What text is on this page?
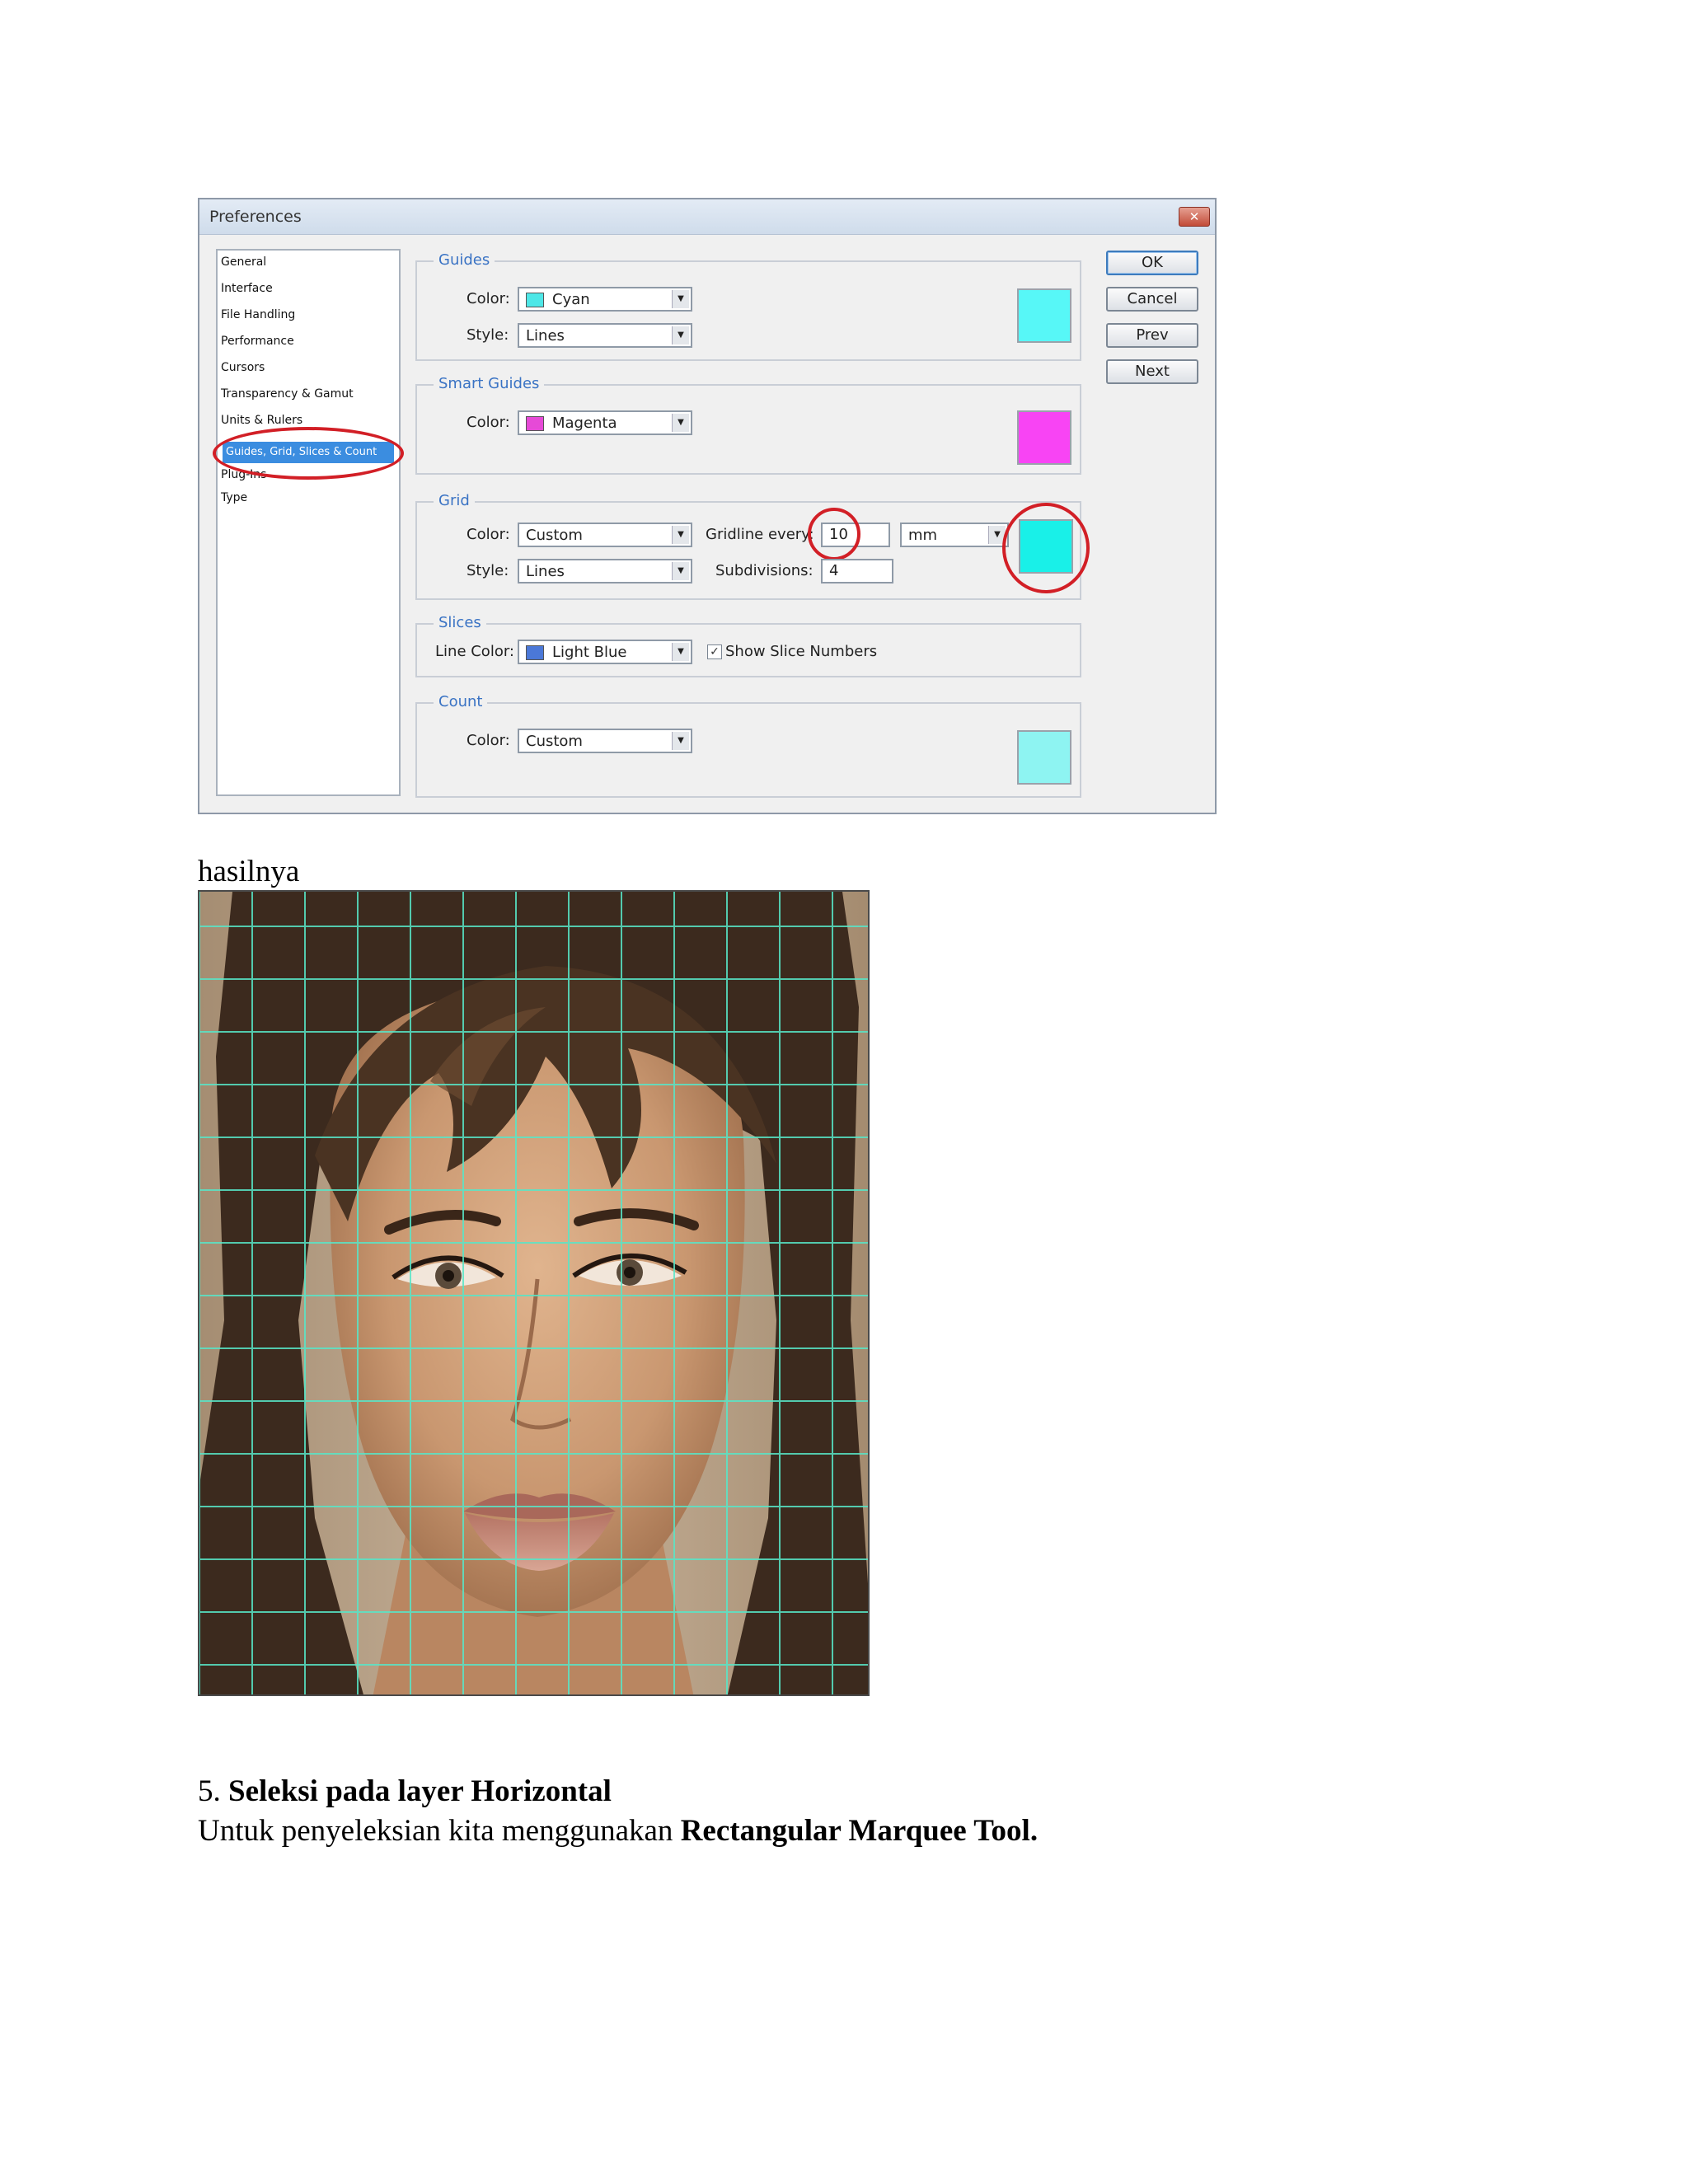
Preferences	✕
General
Interface
File Handling
Performance
Cursors
Transparency & Gamut
Units & Rulers
Guides, Grid, Slices & Count
Plug-Ins
Type
Guides
Color:	Cyan	▼
Style: Lines	▼
Smart Guides
Color:	Magenta	▼
Grid
Color: Custom	▼
Style: Lines	▼
Gridline every:	10	mm	▼
Subdivisions:	4
Slices
Line Color:	Light Blue	▼	✓ Show Slice Numbers
Count
Color: Custom	▼
OK
Cancel
Prev
Next
hasilnya
5. Seleksi pada layer Horizontal
Untuk penyeleksian kita menggunakan Rectangular Marquee Tool.
